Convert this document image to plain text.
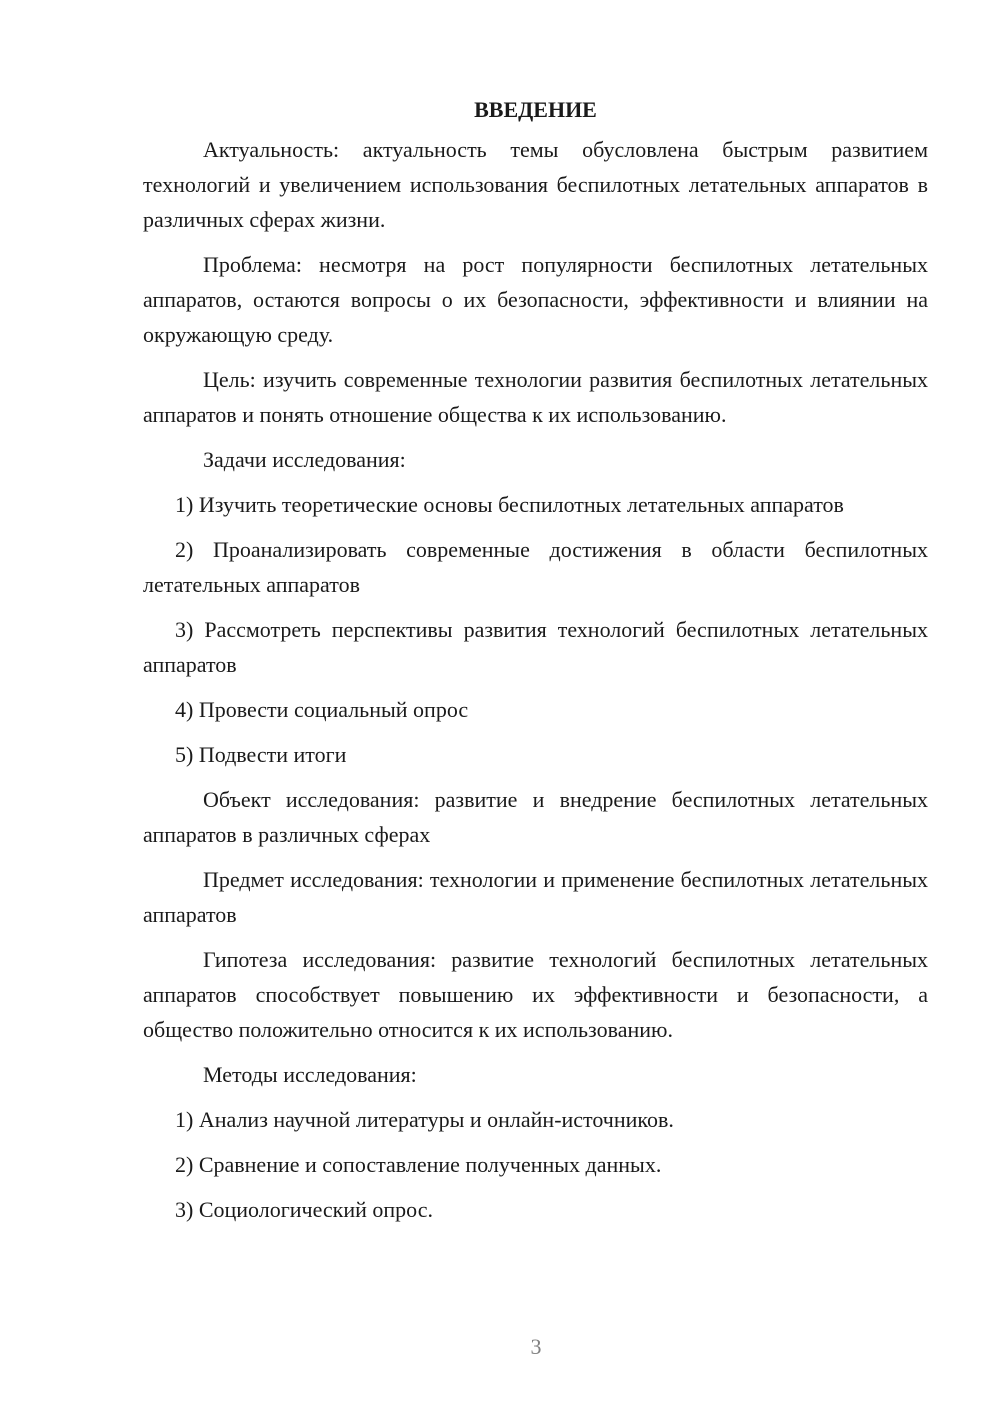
ВВЕДЕНИЕ

Актуальность: актуальность темы обусловлена быстрым развитием технологий и увеличением использования беспилотных летательных аппаратов в различных сферах жизни.

Проблема: несмотря на рост популярности беспилотных летательных аппаратов, остаются вопросы о их безопасности, эффективности и влиянии на окружающую среду.

Цель: изучить современные технологии развития беспилотных летательных аппаратов и понять отношение общества к их использованию.

Задачи исследования:

1) Изучить теоретические основы беспилотных летательных аппаратов

2) Проанализировать современные достижения в области беспилотных летательных аппаратов

3) Рассмотреть перспективы развития технологий беспилотных летательных аппаратов

4) Провести социальный опрос

5) Подвести итоги

Объект исследования: развитие и внедрение беспилотных летательных аппаратов в различных сферах

Предмет исследования: технологии и применение беспилотных летательных аппаратов

Гипотеза исследования: развитие технологий беспилотных летательных аппаратов способствует повышению их эффективности и безопасности, а общество положительно относится к их использованию.

Методы исследования:

1) Анализ научной литературы и онлайн-источников.

2) Сравнение и сопоставление полученных данных.

3) Социологический опрос.

3
